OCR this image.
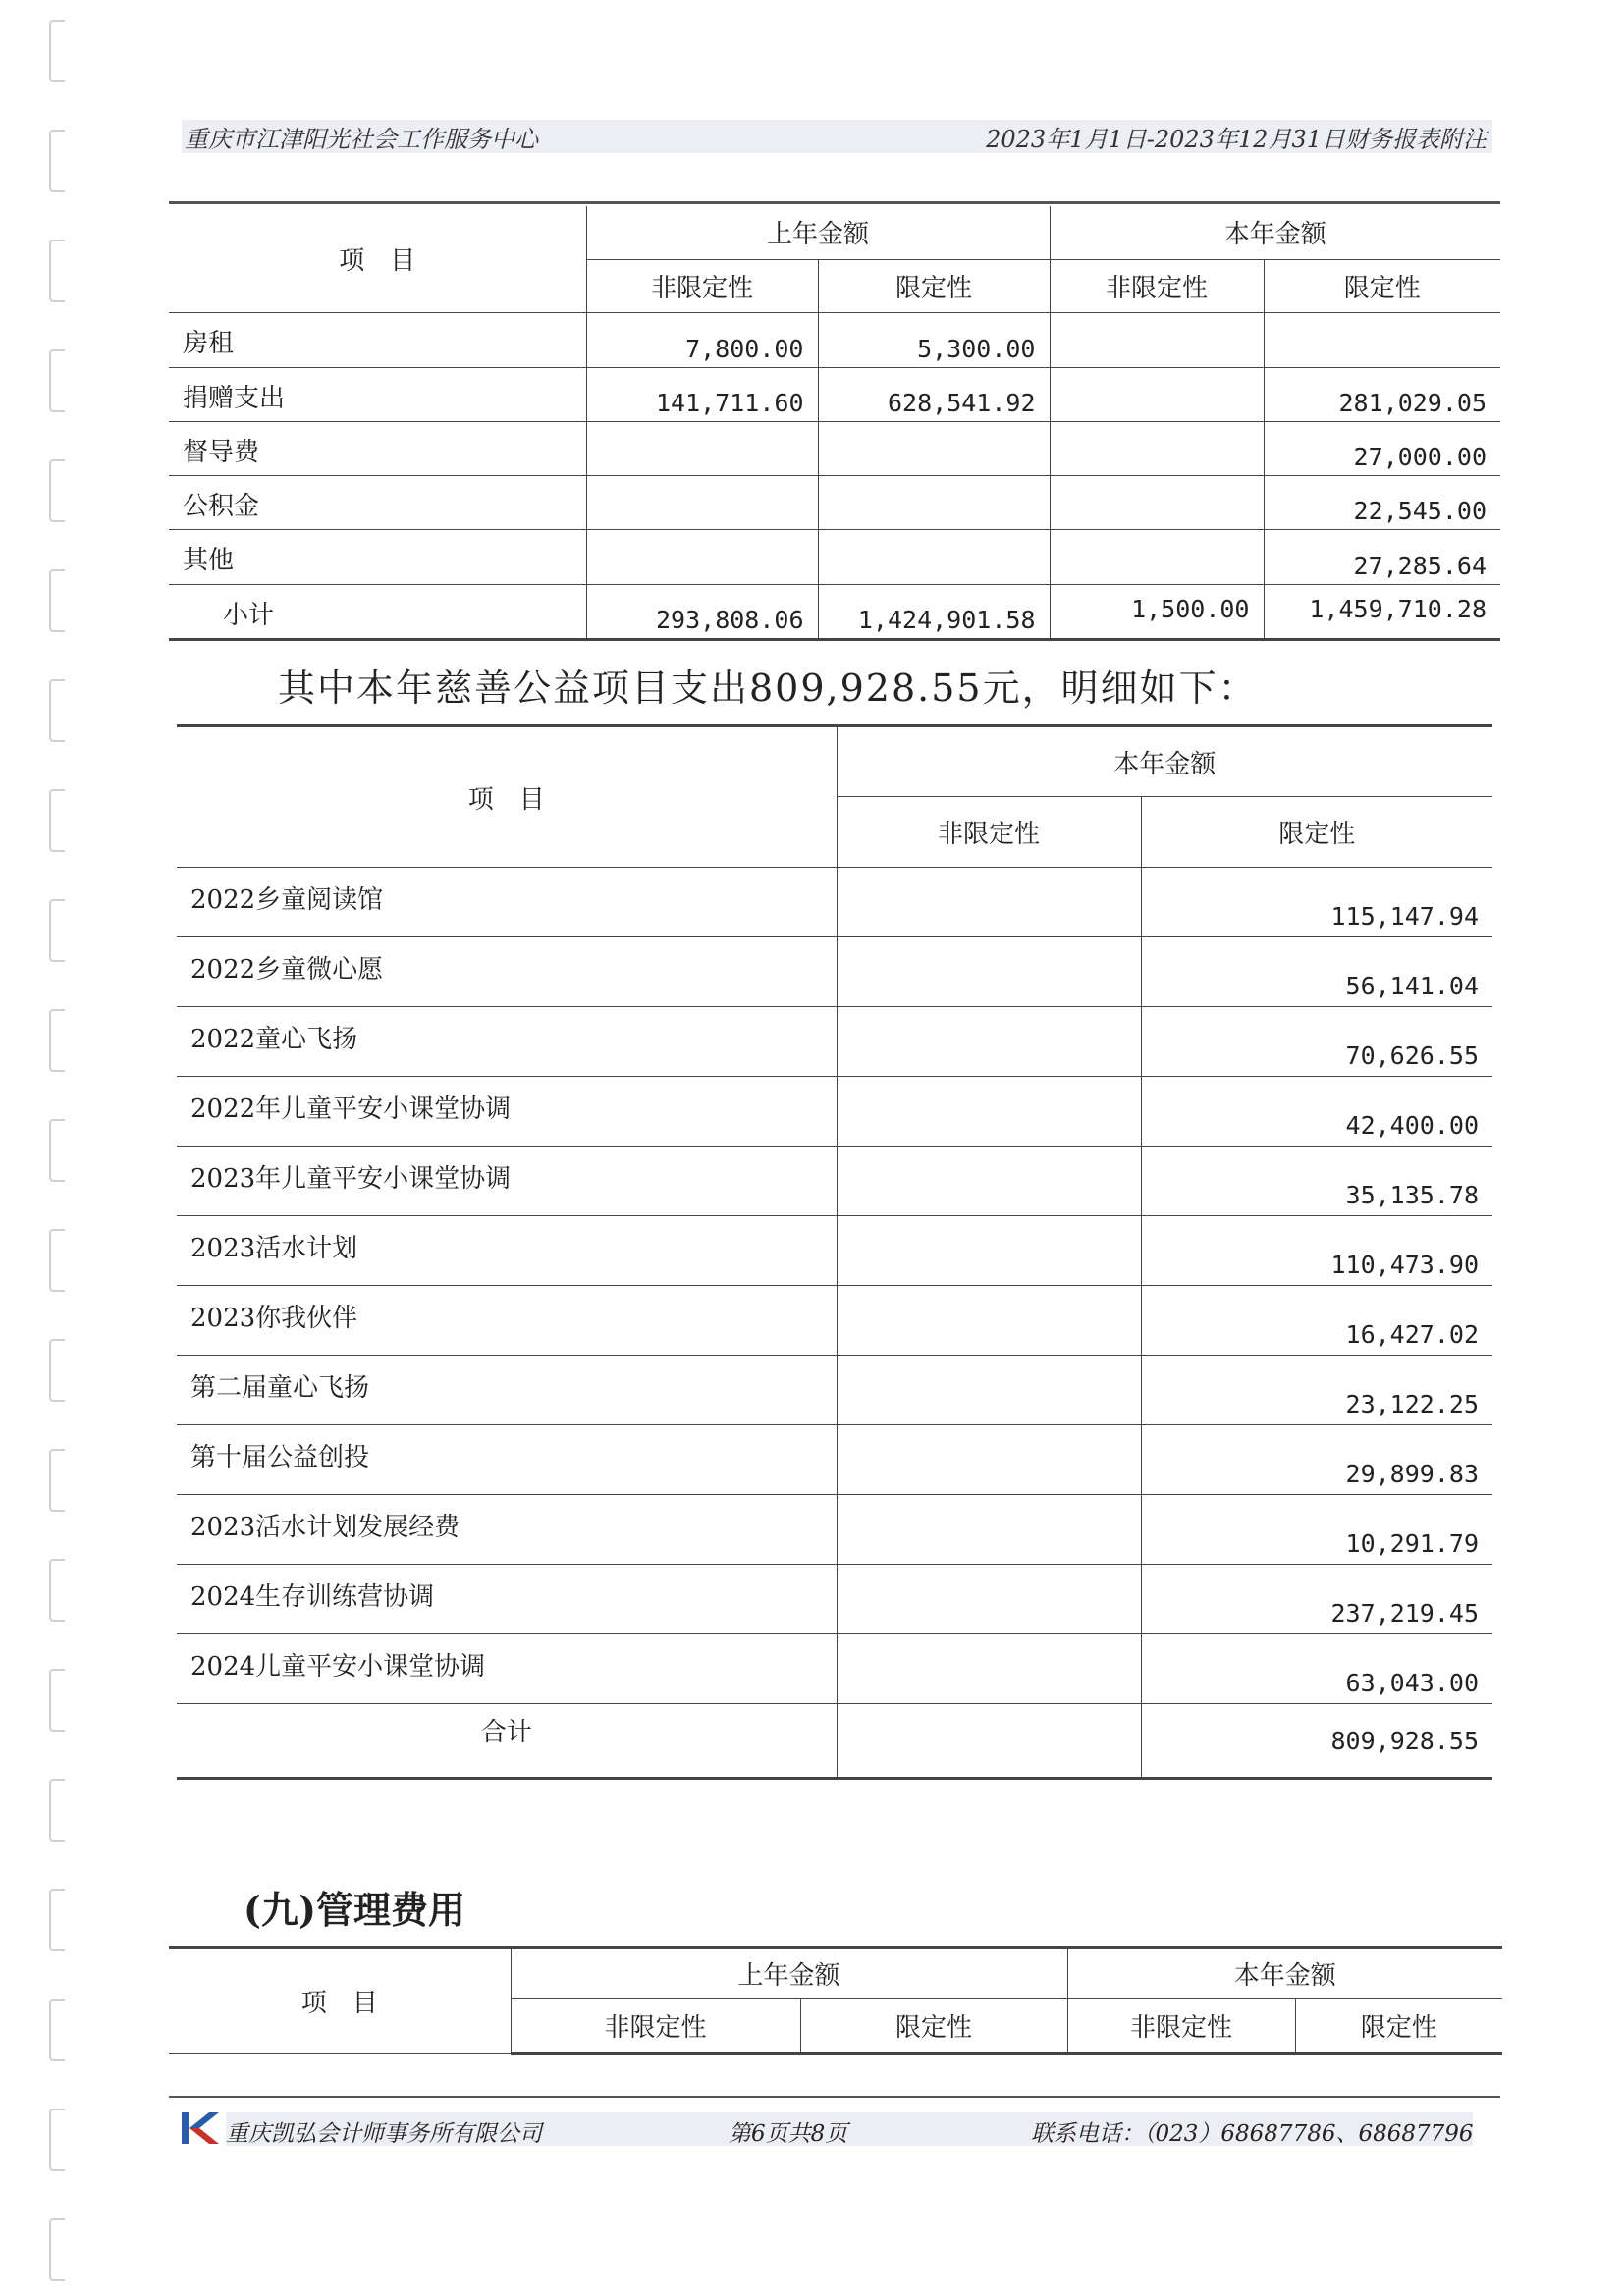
重庆市江津阳光社会工作服务中心	2023年1月1日-2023年12月31日财务报表附注
项　目	上年金额		本年金额	
	非限定性	限定性	非限定性	限定性
房租	7,800.00	5,300.00		
捐赠支出	141,711.60	628,541.92		281,029.05
督导费				27,000.00
公积金				22,545.00
其他				27,285.64
小计	293,808.06	1,424,901.58	1,500.00	1,459,710.28
其中本年慈善公益项目支出809,928.55元，明细如下：
项　目	本年金额	
	非限定性	限定性
2022乡童阅读馆		115,147.94
2022乡童微心愿		56,141.04
2022童心飞扬		70,626.55
2022年儿童平安小课堂协调		42,400.00
2023年儿童平安小课堂协调		35,135.78
2023活水计划		110,473.90
2023你我伙伴		16,427.02
第二届童心飞扬		23,122.25
第十届公益创投		29,899.83
2023活水计划发展经费		10,291.79
2024生存训练营协调		237,219.45
2024儿童平安小课堂协调		63,043.00
合计		809,928.55
(九)管理费用
项　目	上年金额		本年金额	
	非限定性	限定性	非限定性	限定性
重庆凯弘会计师事务所有限公司	第6页共8页	联系电话：（023）68687786、68687796
